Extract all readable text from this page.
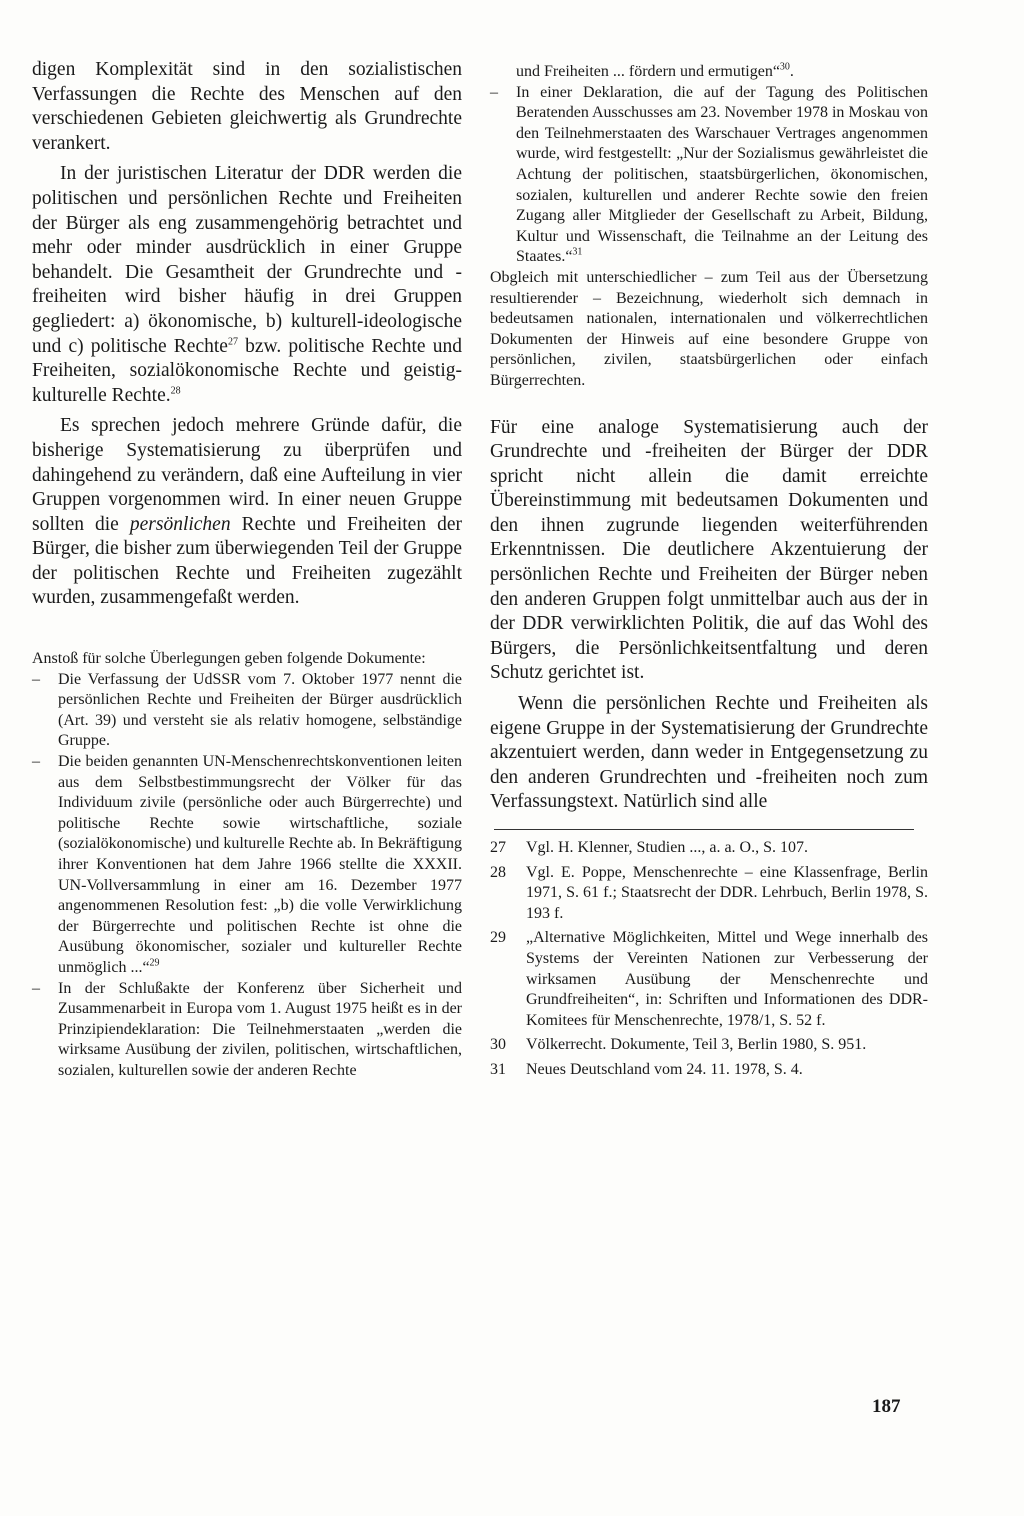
digen Komplexität sind in den sozialistischen Verfassungen die Rechte des Menschen auf den verschiedenen Gebieten gleichwertig als Grundrechte verankert.

In der juristischen Literatur der DDR werden die politischen und persönlichen Rechte und Freiheiten der Bürger als eng zusammengehörig betrachtet und mehr oder minder ausdrücklich in einer Gruppe behandelt. Die Gesamtheit der Grundrechte und -freiheiten wird bisher häufig in drei Gruppen gegliedert: a) ökonomische, b) kulturell-ideologische und c) politische Rechte$^{27}$ bzw. politische Rechte und Freiheiten, sozialökonomische Rechte und geistig-kulturelle Rechte.$^{28}$

Es sprechen jedoch mehrere Gründe dafür, die bisherige Systematisierung zu überprüfen und dahingehend zu verändern, daß eine Aufteilung in vier Gruppen vorgenommen wird. In einer neuen Gruppe sollten die persönlichen Rechte und Freiheiten der Bürger, die bisher zum überwiegenden Teil der Gruppe der politischen Rechte und Freiheiten zugezählt wurden, zusammengefaßt werden.

Anstoß für solche Überlegungen geben folgende Dokumente:

– Die Verfassung der UdSSR vom 7. Oktober 1977 nennt die persönlichen Rechte und Freiheiten der Bürger ausdrücklich (Art. 39) und versteht sie als relativ homogene, selbständige Gruppe.
– Die beiden genannten UN-Menschenrechtskonventionen leiten aus dem Selbstbestimmungsrecht der Völker für das Individuum zivile (persönliche oder auch Bürgerrechte) und politische Rechte sowie wirtschaftliche, soziale (sozialökonomische) und kulturelle Rechte ab. In Bekräftigung ihrer Konventionen hat dem Jahre 1966 stellte die XXXII. UN-Vollversammlung in einer am 16. Dezember 1977 angenommenen Resolution fest: „b) die volle Verwirklichung der Bürgerrechte und politischen Rechte ist ohne die Ausübung ökonomischer, sozialer und kultureller Rechte unmöglich ...“$^{29}$
– In der Schlußakte der Konferenz über Sicherheit und Zusammenarbeit in Europa vom 1. August 1975 heißt es in der Prinzipiendeklaration: Die Teilnehmerstaaten „werden die wirksame Ausübung der zivilen, politischen, wirtschaftlichen, sozialen, kulturellen sowie der anderen Rechte
und Freiheiten ... fördern und ermutigen“$^{30}$.
– In einer Deklaration, die auf der Tagung des Politischen Beratenden Ausschusses am 23. November 1978 in Moskau von den Teilnehmerstaaten des Warschauer Vertrages angenommen wurde, wird festgestellt: „Nur der Sozialismus gewährleistet die Achtung der politischen, staatsbürgerlichen, ökonomischen, sozialen, kulturellen und anderer Rechte sowie den freien Zugang aller Mitglieder der Gesellschaft zu Arbeit, Bildung, Kultur und Wissenschaft, die Teilnahme an der Leitung des Staates.“$^{31}$

Obgleich mit unterschiedlicher – zum Teil aus der Übersetzung resultierender – Bezeichnung, wiederholt sich demnach in bedeutsamen nationalen, internationalen und völkerrechtlichen Dokumenten der Hinweis auf eine besondere Gruppe von persönlichen, zivilen, staatsbürgerlichen oder einfach Bürgerrechten.

Für eine analoge Systematisierung auch der Grundrechte und -freiheiten der Bürger der DDR spricht nicht allein die damit erreichte Übereinstimmung mit bedeutsamen Dokumenten und den ihnen zugrunde liegenden weiterführenden Erkenntnissen. Die deutlichere Akzentuierung der persönlichen Rechte und Freiheiten der Bürger neben den anderen Gruppen folgt unmittelbar auch aus der in der DDR verwirklichten Politik, die auf das Wohl des Bürgers, die Persönlichkeitsentfaltung und deren Schutz gerichtet ist.

Wenn die persönlichen Rechte und Freiheiten als eigene Gruppe in der Systematisierung der Grundrechte akzentuiert werden, dann weder in Entgegensetzung zu den anderen Grundrechten und -freiheiten noch zum Verfassungstext. Natürlich sind alle

27	Vgl. H. Klenner, Studien ..., a. a. O., S. 107.
28	Vgl. E. Poppe, Menschenrechte – eine Klassenfrage, Berlin 1971, S. 61 f.; Staatsrecht der DDR. Lehrbuch, Berlin 1978, S. 193 f.
29	„Alternative Möglichkeiten, Mittel und Wege innerhalb des Systems der Vereinten Nationen zur Verbesserung der wirksamen Ausübung der Menschenrechte und Grundfreiheiten“, in: Schriften und Informationen des DDR-Komitees für Menschenrechte, 1978/1, S. 52 f.
30	Völkerrecht. Dokumente, Teil 3, Berlin 1980, S. 951.
31	Neues Deutschland vom 24. 11. 1978, S. 4.
187
